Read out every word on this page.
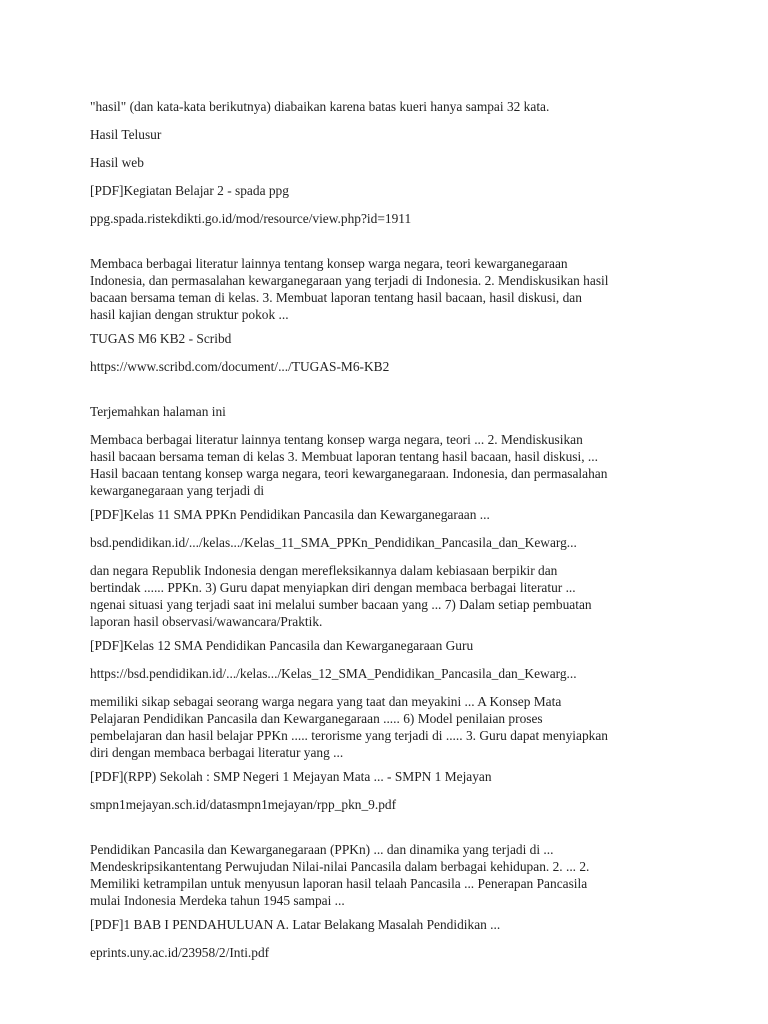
"hasil" (dan kata-kata berikutnya) diabaikan karena batas kueri hanya sampai 32 kata.
Hasil Telusur
Hasil web
[PDF]Kegiatan Belajar 2 - spada ppg
ppg.spada.ristekdikti.go.id/mod/resource/view.php?id=1911
Membaca berbagai literatur lainnya tentang konsep warga negara, teori kewarganegaraan
Indonesia, dan permasalahan kewarganegaraan yang terjadi di Indonesia. 2. Mendiskusikan hasil
bacaan bersama teman di kelas. 3. Membuat laporan tentang hasil bacaan, hasil diskusi, dan
hasil kajian dengan struktur pokok ...
TUGAS M6 KB2 - Scribd
https://www.scribd.com/document/.../TUGAS-M6-KB2
Terjemahkan halaman ini
Membaca berbagai literatur lainnya tentang konsep warga negara, teori ... 2. Mendiskusikan
hasil bacaan bersama teman di kelas 3. Membuat laporan tentang hasil bacaan, hasil diskusi, ...
Hasil bacaan tentang konsep warga negara, teori kewarganegaraan. Indonesia, dan permasalahan
kewarganegaraan yang terjadi di
[PDF]Kelas 11 SMA PPKn Pendidikan Pancasila dan Kewarganegaraan ...
bsd.pendidikan.id/.../kelas.../Kelas_11_SMA_PPKn_Pendidikan_Pancasila_dan_Kewarg...
dan negara Republik Indonesia dengan merefleksikannya dalam kebiasaan berpikir dan
bertindak ...... PPKn. 3) Guru dapat menyiapkan diri dengan membaca berbagai literatur ...
ngenai situasi yang terjadi saat ini melalui sumber bacaan yang ... 7) Dalam setiap pembuatan
laporan hasil observasi/wawancara/Praktik.
[PDF]Kelas 12 SMA Pendidikan Pancasila dan Kewarganegaraan Guru
https://bsd.pendidikan.id/.../kelas.../Kelas_12_SMA_Pendidikan_Pancasila_dan_Kewarg...
memiliki sikap sebagai seorang warga negara yang taat dan meyakini ... A Konsep Mata
Pelajaran Pendidikan Pancasila dan Kewarganegaraan ..... 6) Model penilaian proses
pembelajaran dan hasil belajar PPKn ..... terorisme yang terjadi di ..... 3. Guru dapat menyiapkan
diri dengan membaca berbagai literatur yang ...
[PDF](RPP) Sekolah : SMP Negeri 1 Mejayan Mata ... - SMPN 1 Mejayan
smpn1mejayan.sch.id/datasmpn1mejayan/rpp_pkn_9.pdf
Pendidikan Pancasila dan Kewarganegaraan (PPKn) ... dan dinamika yang terjadi di ...
Mendeskripsikantentang Perwujudan Nilai-nilai Pancasila dalam berbagai kehidupan. 2. ... 2.
Memiliki ketrampilan untuk menyusun laporan hasil telaah Pancasila ... Penerapan Pancasila
mulai Indonesia Merdeka tahun 1945 sampai ...
[PDF]1 BAB I PENDAHULUAN A. Latar Belakang Masalah Pendidikan ...
eprints.uny.ac.id/23958/2/Inti.pdf
